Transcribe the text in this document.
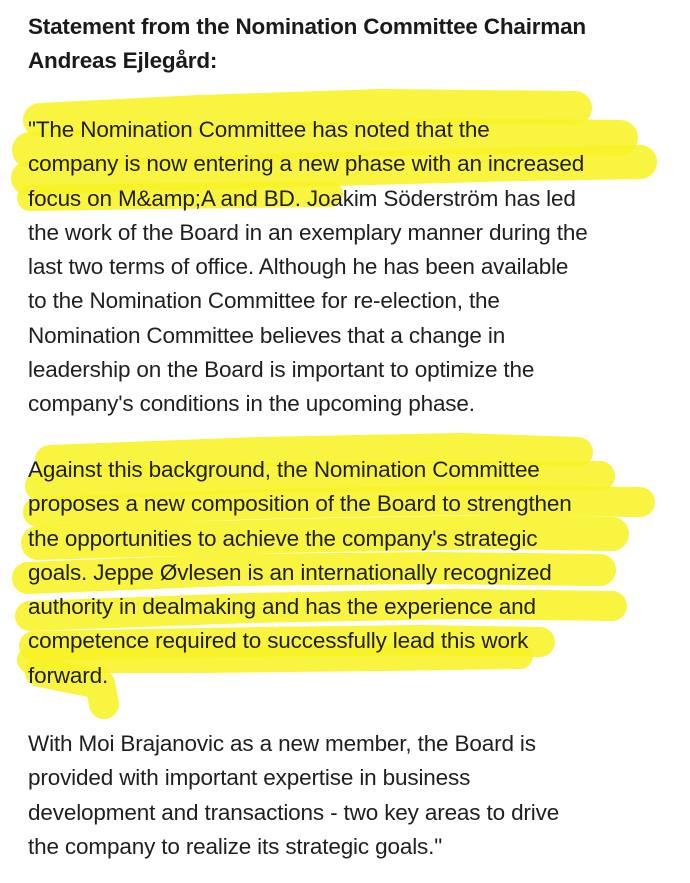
Statement from the Nomination Committee Chairman
Andreas Ejlegård:

"The Nomination Committee has noted that the
company is now entering a new phase with an increased
focus on M&amp;A and BD. Joakim Söderström has led
the work of the Board in an exemplary manner during the
last two terms of office. Although he has been available
to the Nomination Committee for re-election, the
Nomination Committee believes that a change in
leadership on the Board is important to optimize the
company's conditions in the upcoming phase.

Against this background, the Nomination Committee
proposes a new composition of the Board to strengthen
the opportunities to achieve the company's strategic
goals. Jeppe Øvlesen is an internationally recognized
authority in dealmaking and has the experience and
competence required to successfully lead this work
forward.

With Moi Brajanovic as a new member, the Board is
provided with important expertise in business
development and transactions - two key areas to drive
the company to realize its strategic goals."
